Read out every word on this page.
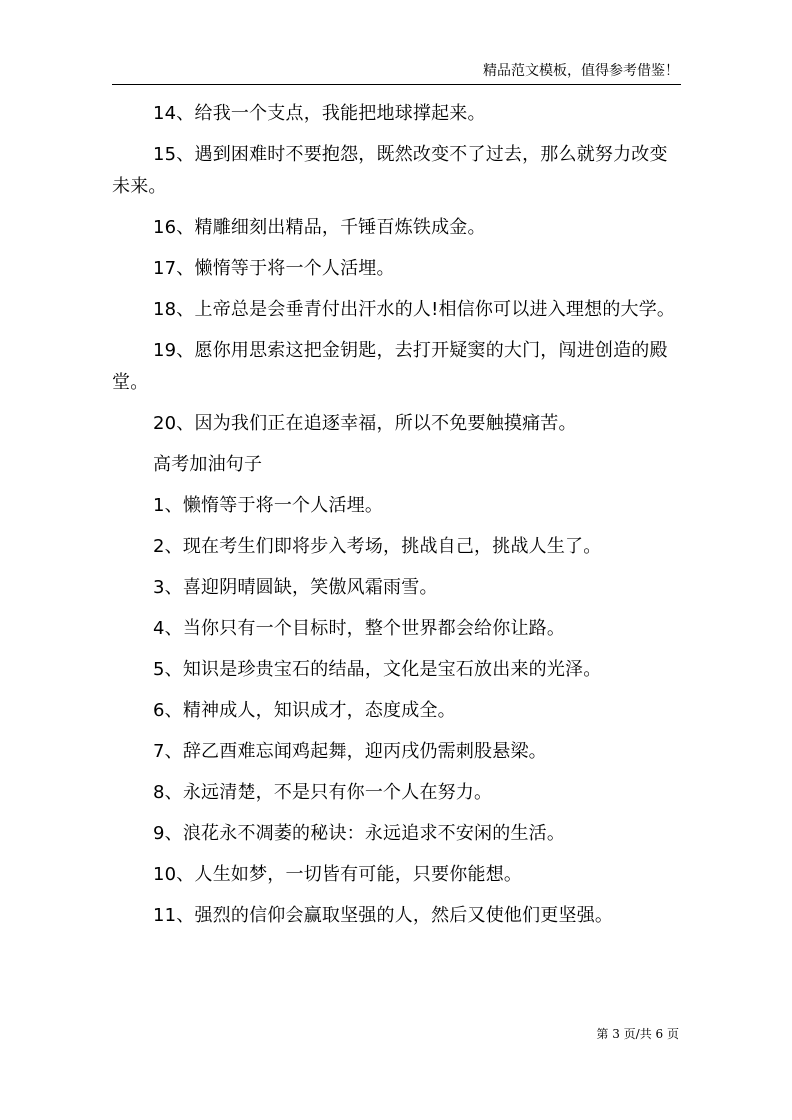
精品范文模板，值得参考借鉴！

14、给我一个支点，我能把地球撑起来。

15、遇到困难时不要抱怨，既然改变不了过去，那么就努力改变未来。

16、精雕细刻出精品，千锤百炼铁成金。

17、懒惰等于将一个人活埋。

18、上帝总是会垂青付出汗水的人!相信你可以进入理想的大学。

19、愿你用思索这把金钥匙，去打开疑窦的大门，闯进创造的殿堂。

20、因为我们正在追逐幸福，所以不免要触摸痛苦。

高考加油句子

1、懒惰等于将一个人活埋。

2、现在考生们即将步入考场，挑战自己，挑战人生了。

3、喜迎阴晴圆缺，笑傲风霜雨雪。

4、当你只有一个目标时，整个世界都会给你让路。

5、知识是珍贵宝石的结晶，文化是宝石放出来的光泽。

6、精神成人，知识成才，态度成全。

7、辞乙酉难忘闻鸡起舞，迎丙戌仍需刺股悬梁。

8、永远清楚，不是只有你一个人在努力。

9、浪花永不凋萎的秘诀：永远追求不安闲的生活。

10、人生如梦，一切皆有可能，只要你能想。

11、强烈的信仰会赢取坚强的人，然后又使他们更坚强。

第 3 页/共 6 页
